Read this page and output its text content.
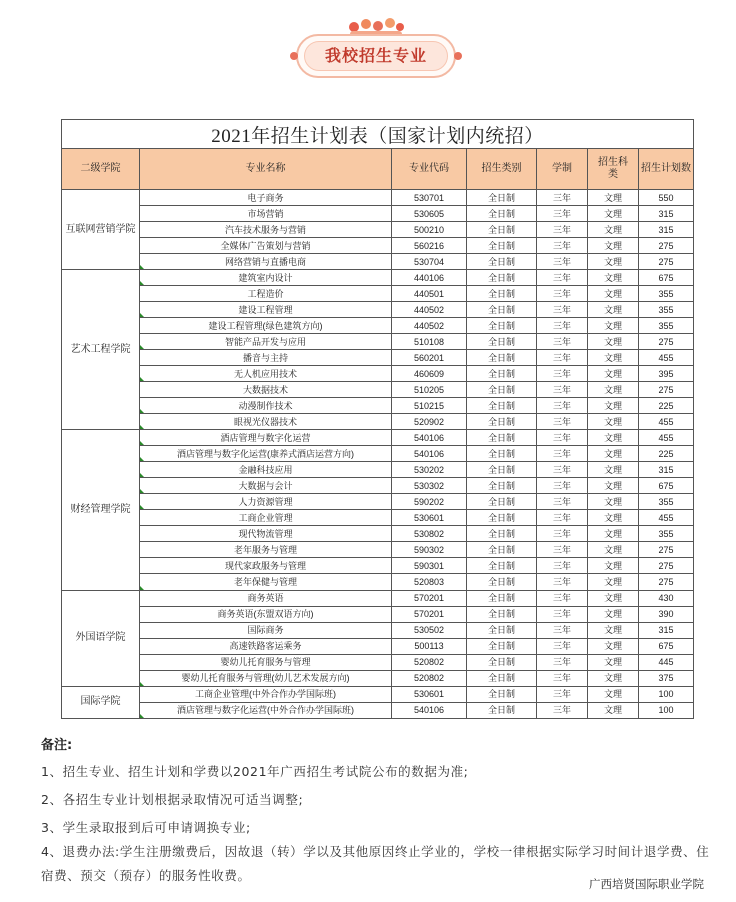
我校招生专业
2021年招生计划表（国家计划内统招）						
二级学院	专业名称	专业代码	招生类别	学制	招生科类	招生计划数
互联网营销学院	电子商务	530701	全日制	三年	文理	550
	市场营销	530605	全日制	三年	文理	315
	汽车技术服务与营销	500210	全日制	三年	文理	315
	全媒体广告策划与营销	560216	全日制	三年	文理	275
	网络营销与直播电商	530704	全日制	三年	文理	275
艺术工程学院	建筑室内设计	440106	全日制	三年	文理	675
	工程造价	440501	全日制	三年	文理	355
	建设工程管理	440502	全日制	三年	文理	355
	建设工程管理(绿色建筑方向)	440502	全日制	三年	文理	355
	智能产品开发与应用	510108	全日制	三年	文理	275
	播音与主持	560201	全日制	三年	文理	455
	无人机应用技术	460609	全日制	三年	文理	395
	大数据技术	510205	全日制	三年	文理	275
	动漫制作技术	510215	全日制	三年	文理	225
	眼视光仪器技术	520902	全日制	三年	文理	455
财经管理学院	酒店管理与数字化运营	540106	全日制	三年	文理	455
	酒店管理与数字化运营(康养式酒店运营方向)	540106	全日制	三年	文理	225
	金融科技应用	530202	全日制	三年	文理	315
	大数据与会计	530302	全日制	三年	文理	675
	人力资源管理	590202	全日制	三年	文理	355
	工商企业管理	530601	全日制	三年	文理	455
	现代物流管理	530802	全日制	三年	文理	355
	老年服务与管理	590302	全日制	三年	文理	275
	现代家政服务与管理	590301	全日制	三年	文理	275
	老年保健与管理	520803	全日制	三年	文理	275
外国语学院	商务英语	570201	全日制	三年	文理	430
	商务英语(东盟双语方向)	570201	全日制	三年	文理	390
	国际商务	530502	全日制	三年	文理	315
	高速铁路客运乘务	500113	全日制	三年	文理	675
	婴幼儿托育服务与管理	520802	全日制	三年	文理	445
	婴幼儿托育服务与管理(幼儿艺术发展方向)	520802	全日制	三年	文理	375
国际学院	工商企业管理(中外合作办学国际班)	530601	全日制	三年	文理	100
	酒店管理与数字化运营(中外合作办学国际班)	540106	全日制	三年	文理	100
备注:
1、招生专业、招生计划和学费以2021年广西招生考试院公布的数据为准;
2、各招生专业计划根据录取情况可适当调整;
3、学生录取报到后可申请调换专业;
4、退费办法:学生注册缴费后，因故退（转）学以及其他原因终止学业的，学校一律根据实际学习时间计退学费、住宿费、预交（预存）的服务性收费。
广西培贤国际职业学院
